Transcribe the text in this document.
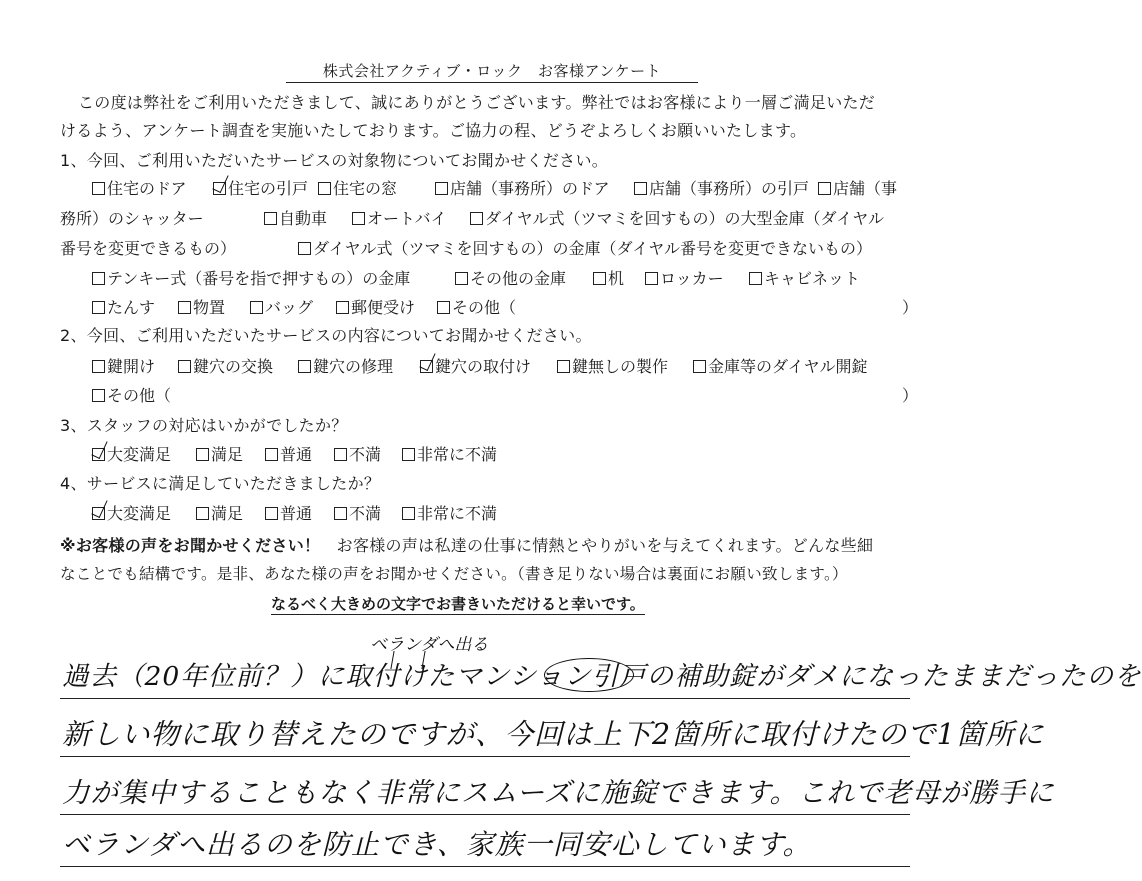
株式会社アクティブ・ロック　お客様アンケート
この度は弊社をご利用いただきまして、誠にありがとうございます。弊社ではお客様により一層ご満足いただ
けるよう、アンケート調査を実施いたしております。ご協力の程、どうぞよろしくお願いいたします。
1、今回、ご利用いただいたサービスの対象物についてお聞かせください。
住宅のドア	住宅の引戸	住宅の窓	店舗（事務所）のドア	店舗（事務所）の引戸	店舗（事
務所）のシャッター	自動車	オートバイ	ダイヤル式（ツマミを回すもの）の大型金庫（ダイヤル
番号を変更できるもの）	ダイヤル式（ツマミを回すもの）の金庫（ダイヤル番号を変更できないもの）
テンキー式（番号を指で押すもの）の金庫	その他の金庫	机	ロッカー	キャビネット
たんす	物置	バッグ	郵便受け	その他（	）
2、今回、ご利用いただいたサービスの内容についてお聞かせください。
鍵開け	鍵穴の交換	鍵穴の修理	鍵穴の取付け	鍵無しの製作	金庫等のダイヤル開錠
その他（	）
3、スタッフの対応はいかがでしたか？
大変満足	満足	普通	不満	非常に不満
4、サービスに満足していただきましたか？
大変満足	満足	普通	不満	非常に不満
※お客様の声をお聞かせください！　お客様の声は私達の仕事に情熱とやりがいを与えてくれます。どんな些細
なことでも結構です。是非、あなた様の声をお聞かせください。（書き足りない場合は裏面にお願い致します。）
なるべく大きめの文字でお書きいただけると幸いです。
ベランダへ出る
過去（20年位前？）に取付けたマンション引戸の補助錠がダメになったままだったのを
新しい物に取り替えたのですが、今回は上下2箇所に取付けたので1箇所に
力が集中することもなく非常にスムーズに施錠できます。これで老母が勝手に
ベランダへ出るのを防止でき、家族一同安心しています。
